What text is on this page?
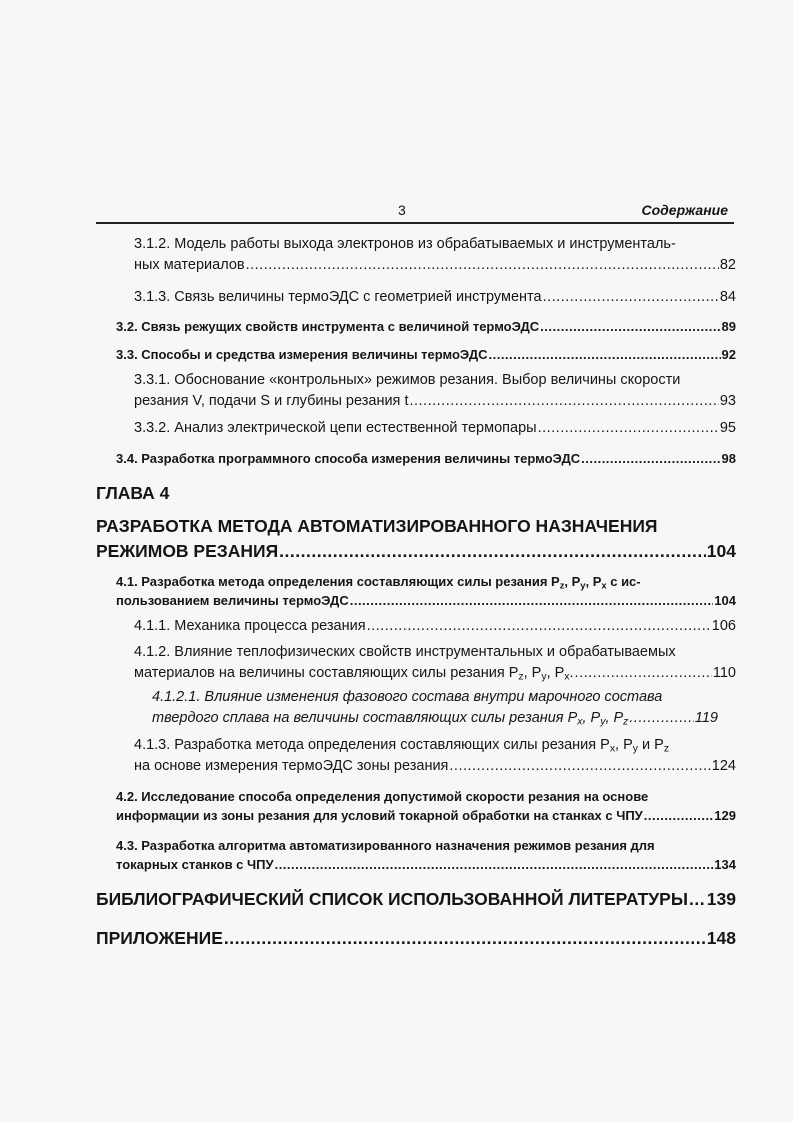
3	Содержание
3.1.2. Модель работы выхода электронов из обрабатываемых и инструменталь-
ных материалов .....	82
3.1.3. Связь величины термоЭДС с геометрией инструмента .....	84
3.2. Связь режущих свойств инструмента с величиной термоЭДС .....	89
3.3. Способы и средства измерения величины термоЭДС .....	92
3.3.1. Обоснование «контрольных» режимов резания. Выбор величины скорости
резания V, подачи S и глубины резания t .....	93
3.3.2. Анализ электрической цепи естественной термопары .....	95
3.4. Разработка программного способа измерения величины термоЭДС .....	98
ГЛАВА 4
РАЗРАБОТКА МЕТОДА АВТОМАТИЗИРОВАННОГО НАЗНАЧЕНИЯ
РЕЖИМОВ РЕЗАНИЯ .....	104
4.1. Разработка метода определения составляющих силы резания $P_z$, $P_y$, $P_x$ с ис-
пользованием величины термоЭДС .....	104
4.1.1. Механика процесса резания .....	106
4.1.2. Влияние теплофизических свойств инструментальных и обрабатываемых
материалов на величины составляющих силы резания $P_z$, $P_y$, $P_x$. .....	110
4.1.2.1. Влияние изменения фазового состава внутри марочного состава
твердого сплава на величины составляющих силы резания $P_x$, $P_y$, $P_z$ .....	119
4.1.3. Разработка метода определения составляющих силы резания $P_x$, $P_y$ и $P_z$
на основе измерения термоЭДС зоны резания .....	124
4.2. Исследование способа определения допустимой скорости резания на основе
информации из зоны резания для условий токарной обработки на станках с ЧПУ .....	129
4.3. Разработка алгоритма автоматизированного назначения режимов резания для
токарных станков с ЧПУ .....	134
БИБЛИОГРАФИЧЕСКИЙ СПИСОК ИСПОЛЬЗОВАННОЙ ЛИТЕРАТУРЫ ..... 139
ПРИЛОЖЕНИЕ .....	148
